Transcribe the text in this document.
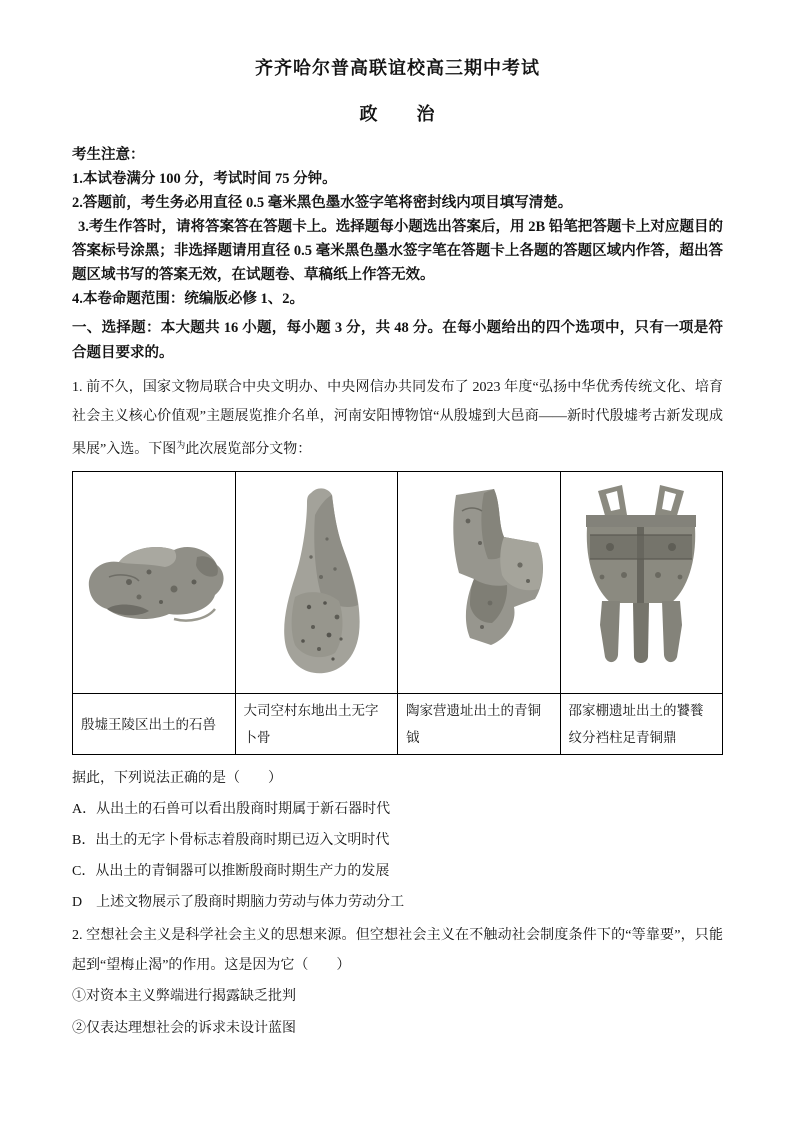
齐齐哈尔普高联谊校高三期中考试
政　　治

考生注意：

1.本试卷满分 100 分，考试时间 75 分钟。

2.答题前，考生务必用直径 0.5 毫米黑色墨水签字笔将密封线内项目填写清楚。

3.考生作答时，请将答案答在答题卡上。选择题每小题选出答案后，用 2B 铅笔把答题卡上对应题目的答案标号涂黑；非选择题请用直径 0.5 毫米黑色墨水签字笔在答题卡上各题的答题区域内作答，超出答题区域书写的答案无效，在试题卷、草稿纸上作答无效。

4.本卷命题范围：统编版必修 1、2。

一、选择题：本大题共 16 小题，每小题 3 分，共 48 分。在每小题给出的四个选项中，只有一项是符合题目要求的。

1. 前不久，国家文物局联合中央文明办、中央网信办共同发布了 2023 年度“弘扬中华优秀传统文化、培育社会主义核心价值观”主题展览推介名单，河南安阳博物馆“从殷墟到大邑商——新时代殷墟考古新发现成果展”入选。下图$^为$此次展览部分文物：

殷墟王陵区出土的石兽	大司空村东地出土无字卜骨	陶家营遗址出土的青铜钺	邵家棚遗址出土的饕餮纹分裆柱足青铜鼎

据此，下列说法正确的是（　　）

A．从出土的石兽可以看出殷商时期属于新石器时代

B．出土的无字卜骨标志着殷商时期已迈入文明时代

C．从出土的青铜器可以推断殷商时期生产力的发展

D　上述文物展示了殷商时期脑力劳动与体力劳动分工

2. 空想社会主义是科学社会主义的思想来源。但空想社会主义在不触动社会制度条件下的“等靠要”，只能起到“望梅止渴”的作用。这是因为它（　　）

①对资本主义弊端进行揭露缺乏批判

②仅表达理想社会的诉求未设计蓝图
